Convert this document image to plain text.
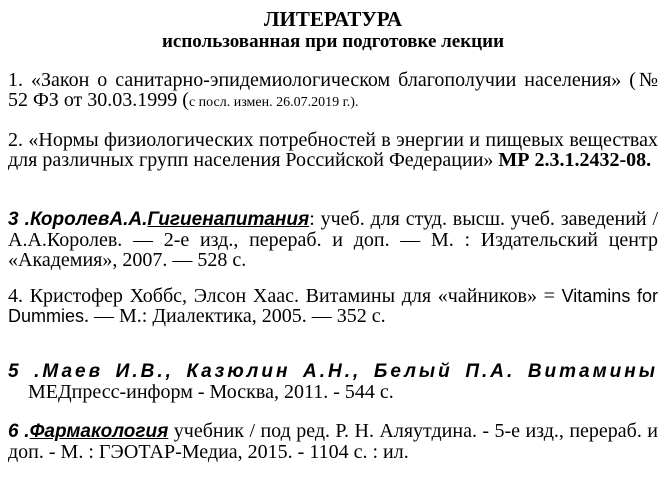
ЛИТЕРАТУРА
использованная при подготовке лекции
1. «Закон о санитарно-эпидемиологическом благополучии населения» (№ 52 ФЗ от 30.03.1999 (с посл. измен. 26.07.2019 г.).
2. «Нормы физиологических потребностей в энергии и пищевых веществах для различных групп населения Российской Федерации» МР 2.3.1.2432-08.
3 .КоролевА.А.Гигиенапитания: учеб. для студ. высш. учеб. заведений / А.А.Королев. — 2-е изд., перераб. и доп. — М. : Издательский центр «Академия», 2007. — 528 с.
4. Кристофер Хоббс, Элсон Хаас. Витамины для «чайников» = Vitamins for Dummies. — М.: Диалектика, 2005. — 352 с.
5 .Маев И.В., Казюлин А.Н., Белый П.А. Витамины
МЕДпресс-информ - Москва, 2011. - 544 с.
6 .Фармакология учебник / под ред. Р. Н. Аляутдина. - 5-е изд., перераб. и доп. - М. : ГЭОТАР-Медиа, 2015. - 1104 с. : ил.
